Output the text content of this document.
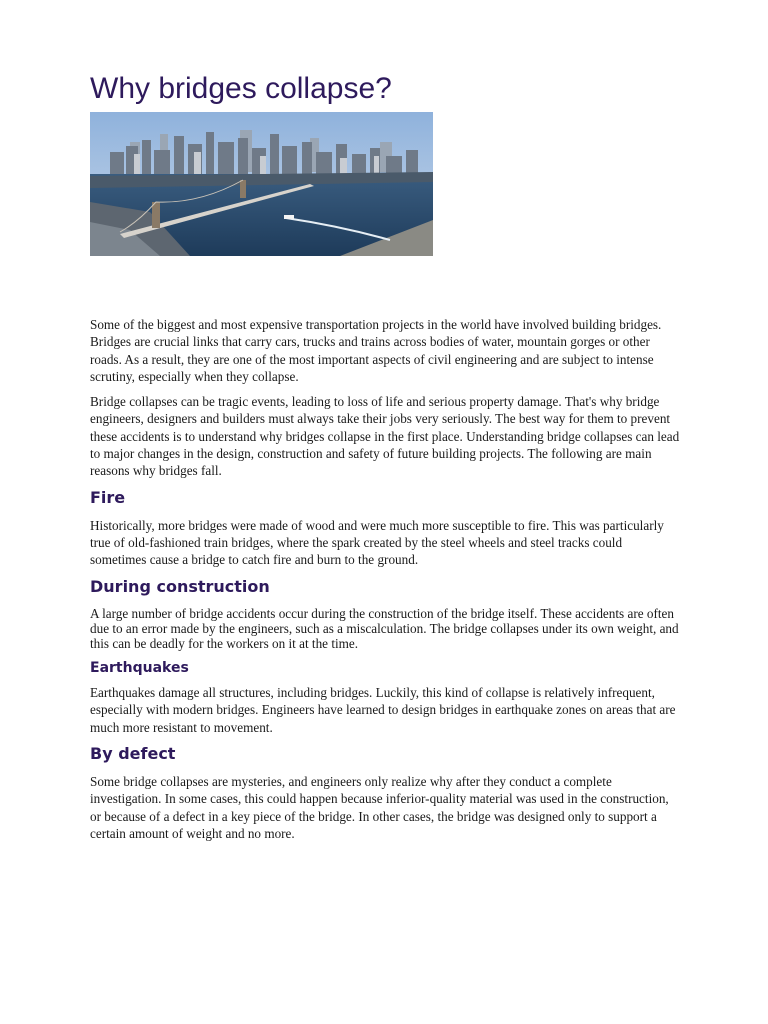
Why bridges collapse?

Some of the biggest and most expensive transportation projects in the world have involved building bridges. Bridges are crucial links that carry cars, trucks and trains across bodies of water, mountain gorges or other roads. As a result, they are one of the most important aspects of civil engineering and are subject to intense scrutiny, especially when they collapse.

Bridge collapses can be tragic events, leading to loss of life and serious property damage. That's why bridge engineers, designers and builders must always take their jobs very seriously. The best way for them to prevent these accidents is to understand why bridges collapse in the first place. Understanding bridge collapses can lead to major changes in the design, construction and safety of future building projects. The following are main reasons why bridges fall.

Fire

Historically, more bridges were made of wood and were much more susceptible to fire. This was particularly true of old-fashioned train bridges, where the spark created by the steel wheels and steel tracks could sometimes cause a bridge to catch fire and burn to the ground.

During construction

A large number of bridge accidents occur during the construction of the bridge itself. These accidents are often due to an error made by the engineers, such as a miscalculation. The bridge collapses under its own weight, and this can be deadly for the workers on it at the time.

Earthquakes

Earthquakes damage all structures, including bridges. Luckily, this kind of collapse is relatively infrequent, especially with modern bridges. Engineers have learned to design bridges in earthquake zones on areas that are much more resistant to movement.

By defect

Some bridge collapses are mysteries, and engineers only realize why after they conduct a complete investigation. In some cases, this could happen because inferior-quality material was used in the construction, or because of a defect in a key piece of the bridge. In other cases, the bridge was designed only to support a certain amount of weight and no more.
